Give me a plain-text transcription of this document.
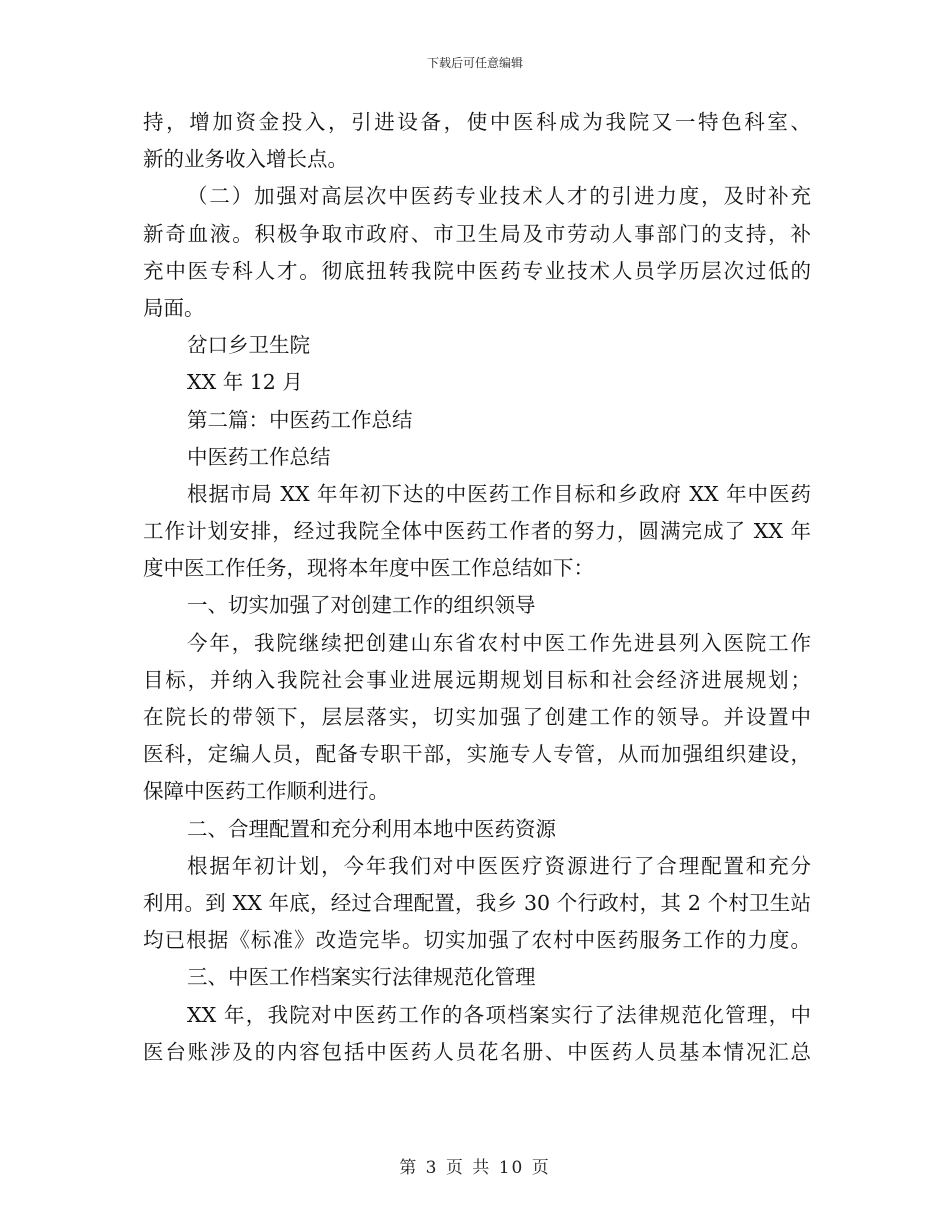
下载后可任意编辑
持，增加资金投入，引进设备，使中医科成为我院又一特色科室、
新的业务收入增长点。
（二）加强对高层次中医药专业技术人才的引进力度，及时补充
新奇血液。积极争取市政府、市卫生局及市劳动人事部门的支持，补
充中医专科人才。彻底扭转我院中医药专业技术人员学历层次过低的
局面。
岔口乡卫生院
XX 年 12 月
第二篇：中医药工作总结
中医药工作总结
根据市局 XX 年年初下达的中医药工作目标和乡政府 XX 年中医药
工作计划安排，经过我院全体中医药工作者的努力，圆满完成了 XX 年
度中医工作任务，现将本年度中医工作总结如下：
一、切实加强了对创建工作的组织领导
今年，我院继续把创建山东省农村中医工作先进县列入医院工作
目标，并纳入我院社会事业进展远期规划目标和社会经济进展规划；
在院长的带领下，层层落实，切实加强了创建工作的领导。并设置中
医科，定编人员，配备专职干部，实施专人专管，从而加强组织建设，
保障中医药工作顺利进行。
二、合理配置和充分利用本地中医药资源
根据年初计划，今年我们对中医医疗资源进行了合理配置和充分
利用。到 XX 年底，经过合理配置，我乡 30 个行政村，其 2 个村卫生站
均已根据《标准》改造完毕。切实加强了农村中医药服务工作的力度。
三、中医工作档案实行法律规范化管理
XX 年，我院对中医药工作的各项档案实行了法律规范化管理，中
医台账涉及的内容包括中医药人员花名册、中医药人员基本情况汇总
第 3 页 共 10 页
